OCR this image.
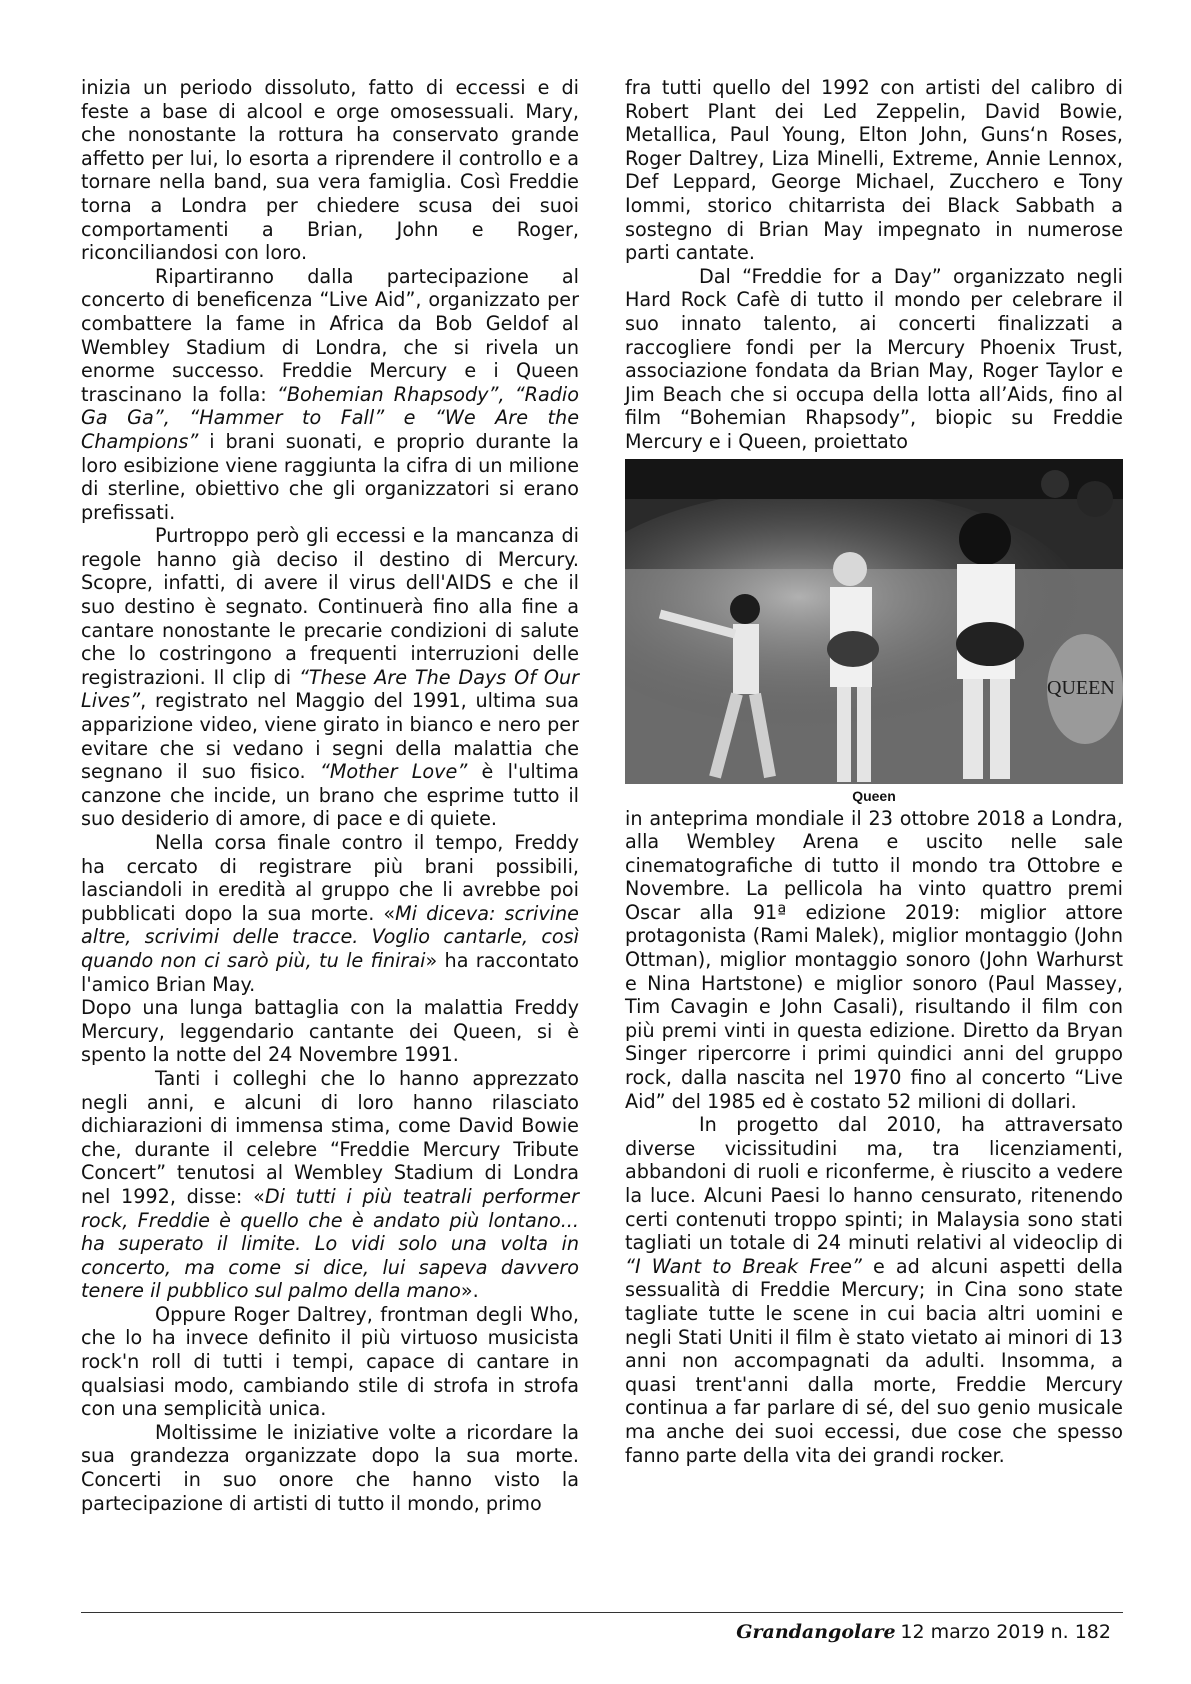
inizia un periodo dissoluto, fatto di eccessi e di feste a base di alcool e orge omosessuali. Mary, che nonostante la rottura ha conservato grande affetto per lui, lo esorta a riprendere il controllo e a tornare nella band, sua vera famiglia. Così Freddie torna a Londra per chiedere scusa dei suoi comportamenti a Brian, John e Roger, riconciliandosi con loro.

Ripartiranno dalla partecipazione al concerto di beneficenza “Live Aid”, organizzato per combattere la fame in Africa da Bob Geldof al Wembley Stadium di Londra, che si rivela un enorme successo. Freddie Mercury e i Queen trascinano la folla: “Bohemian Rhapsody”, “Radio Ga Ga”, “Hammer to Fall” e “We Are the Champions” i brani suonati, e proprio durante la loro esibizione viene raggiunta la cifra di un milione di sterline, obiettivo che gli organizzatori si erano prefissati.

Purtroppo però gli eccessi e la mancanza di regole hanno già deciso il destino di Mercury. Scopre, infatti, di avere il virus dell'AIDS e che il suo destino è segnato. Continuerà fino alla fine a cantare nonostante le precarie condizioni di salute che lo costringono a frequenti interruzioni delle registrazioni. Il clip di “These Are The Days Of Our Lives”, registrato nel Maggio del 1991, ultima sua apparizione video, viene girato in bianco e nero per evitare che si vedano i segni della malattia che segnano il suo fisico. “Mother Love” è l'ultima canzone che incide, un brano che esprime tutto il suo desiderio di amore, di pace e di quiete.

Nella corsa finale contro il tempo, Freddy ha cercato di registrare più brani possibili, lasciandoli in eredità al gruppo che li avrebbe poi pubblicati dopo la sua morte. «Mi diceva: scrivine altre, scrivimi delle tracce. Voglio cantarle, così quando non ci sarò più, tu le finirai» ha raccontato l'amico Brian May.

Dopo una lunga battaglia con la malattia Freddy Mercury, leggendario cantante dei Queen, si è spento la notte del 24 Novembre 1991.

Tanti i colleghi che lo hanno apprezzato negli anni, e alcuni di loro hanno rilasciato dichiarazioni di immensa stima, come David Bowie che, durante il celebre “Freddie Mercury Tribute Concert” tenutosi al Wembley Stadium di Londra nel 1992, disse: «Di tutti i più teatrali performer rock, Freddie è quello che è andato più lontano... ha superato il limite. Lo vidi solo una volta in concerto, ma come si dice, lui sapeva davvero tenere il pubblico sul palmo della mano».

Oppure Roger Daltrey, frontman degli Who, che lo ha invece definito il più virtuoso musicista rock'n roll di tutti i tempi, capace di cantare in qualsiasi modo, cambiando stile di strofa in strofa con una semplicità unica.

Moltissime le iniziative volte a ricordare la sua grandezza organizzate dopo la sua morte. Concerti in suo onore che hanno visto la partecipazione di artisti di tutto il mondo, primo

fra tutti quello del 1992 con artisti del calibro di Robert Plant dei Led Zeppelin, David Bowie, Metallica, Paul Young, Elton John, Guns‘n Roses, Roger Daltrey, Liza Minelli, Extreme, Annie Lennox, Def Leppard, George Michael, Zucchero e Tony Iommi, storico chitarrista dei Black Sabbath a sostegno di Brian May impegnato in numerose parti cantate.

Dal “Freddie for a Day” organizzato negli Hard Rock Cafè di tutto il mondo per celebrare il suo innato talento, ai concerti finalizzati a raccogliere fondi per la Mercury Phoenix Trust, associazione fondata da Brian May, Roger Taylor e Jim Beach che si occupa della lotta all’Aids, fino al film “Bohemian Rhapsody”, biopic su Freddie Mercury e i Queen, proiettato

QUEEN
Queen

in anteprima mondiale il 23 ottobre 2018 a Londra, alla Wembley Arena e uscito nelle sale cinematografiche di tutto il mondo tra Ottobre e Novembre. La pellicola ha vinto quattro premi Oscar alla 91ª edizione 2019: miglior attore protagonista (Rami Malek), miglior montaggio (John Ottman), miglior montaggio sonoro (John Warhurst e Nina Hartstone) e miglior sonoro (Paul Massey, Tim Cavagin e John Casali), risultando il film con più premi vinti in questa edizione. Diretto da Bryan Singer ripercorre i primi quindici anni del gruppo rock, dalla nascita nel 1970 fino al concerto “Live Aid” del 1985 ed è costato 52 milioni di dollari.

In progetto dal 2010, ha attraversato diverse vicissitudini ma, tra licenziamenti, abbandoni di ruoli e riconferme, è riuscito a vedere la luce. Alcuni Paesi lo hanno censurato, ritenendo certi contenuti troppo spinti; in Malaysia sono stati tagliati un totale di 24 minuti relativi al videoclip di “I Want to Break Free” e ad alcuni aspetti della sessualità di Freddie Mercury; in Cina sono state tagliate tutte le scene in cui bacia altri uomini e negli Stati Uniti il film è stato vietato ai minori di 13 anni non accompagnati da adulti. Insomma, a quasi trent'anni dalla morte, Freddie Mercury continua a far parlare di sé, del suo genio musicale ma anche dei suoi eccessi, due cose che spesso fanno parte della vita dei grandi rocker.

Grandangolare 12 marzo 2019 n. 182
